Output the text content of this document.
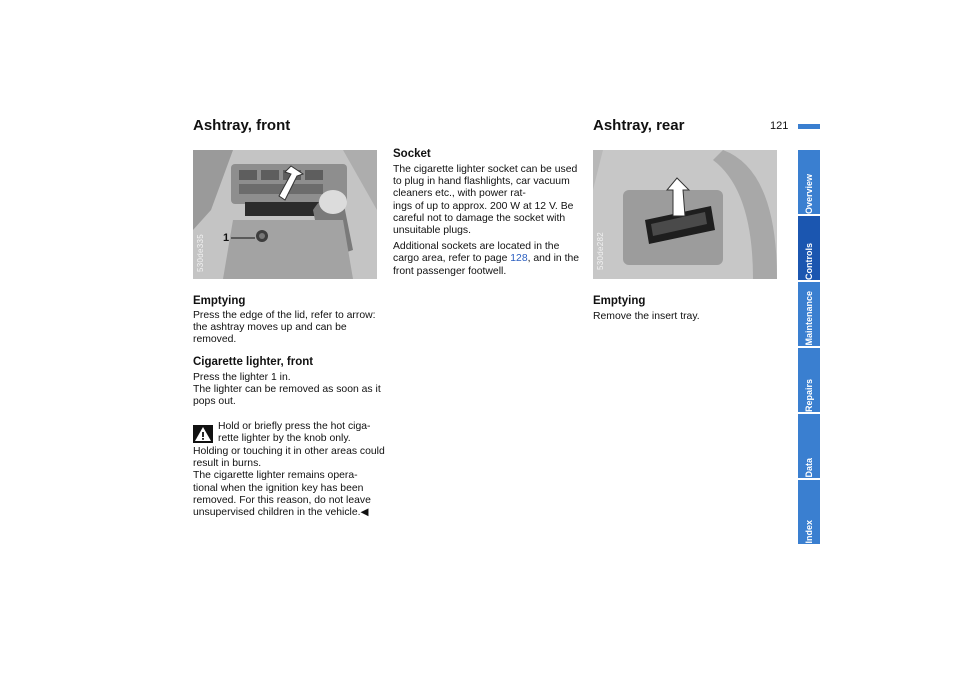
121
Ashtray, front
1
530de335
Emptying
Press the edge of the lid, refer to arrow: the ashtray moves up and can be removed.
Cigarette lighter, front
Press the lighter 1 in.
The lighter can be removed as soon as it pops out.
Hold or briefly press the hot ciga-
rette lighter by the knob only.
Holding or touching it in other areas could result in burns.
The cigarette lighter remains opera-
tional when the ignition key has been removed. For this reason, do not leave unsupervised children in the vehicle.◀
Socket

The cigarette lighter socket can be used to plug in hand flashlights, car vacuum cleaners etc., with power rat-
ings of up to approx. 200 W at 12 V. Be careful not to damage the socket with unsuitable plugs.

Additional sockets are located in the cargo area, refer to page 128, and in the front passenger footwell.

Ashtray, rear
530de282
Emptying
Remove the insert tray.
Overview
Controls
Maintenance
Repairs
Data
Index
